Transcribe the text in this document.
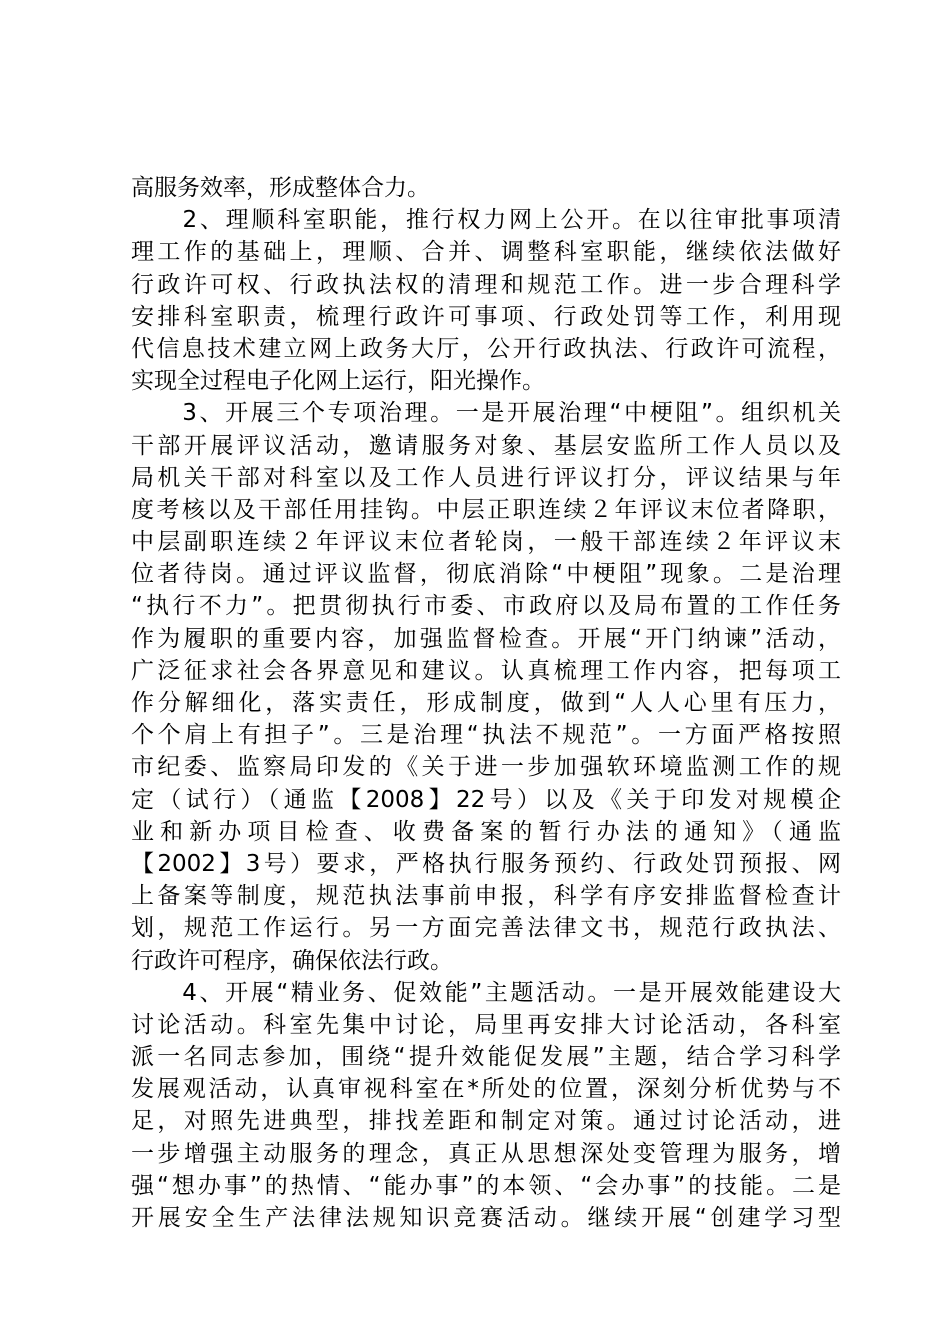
高服务效率，形成整体合力。
　　2、理顺科室职能，推行权力网上公开。在以往审批事项清
理工作的基础上，理顺、合并、调整科室职能，继续依法做好
行政许可权、行政执法权的清理和规范工作。进一步合理科学
安排科室职责，梳理行政许可事项、行政处罚等工作，利用现
代信息技术建立网上政务大厅，公开行政执法、行政许可流程，
实现全过程电子化网上运行，阳光操作。
　　3、开展三个专项治理。一是开展治理“中梗阻”。组织机关
干部开展评议活动，邀请服务对象、基层安监所工作人员以及
局机关干部对科室以及工作人员进行评议打分，评议结果与年
度考核以及干部任用挂钩。中层正职连续２年评议末位者降职，
中层副职连续２年评议末位者轮岗，一般干部连续２年评议末
位者待岗。通过评议监督，彻底消除“中梗阻”现象。二是治理
“执行不力”。把贯彻执行市委、市政府以及局布置的工作任务
作为履职的重要内容，加强监督检查。开展“开门纳谏”活动，
广泛征求社会各界意见和建议。认真梳理工作内容，把每项工
作分解细化，落实责任，形成制度，做到“人人心里有压力，
个个肩上有担子”。三是治理“执法不规范”。一方面严格按照
市纪委、监察局印发的《关于进一步加强软环境监测工作的规
定（试行）（通监【2008】22号）以及《关于印发对规模企
业和新办项目检查、收费备案的暂行办法的通知》（通监
【2002】3号）要求，严格执行服务预约、行政处罚预报、网
上备案等制度，规范执法事前申报，科学有序安排监督检查计
划，规范工作运行。另一方面完善法律文书，规范行政执法、
行政许可程序，确保依法行政。
　　4、开展“精业务、促效能”主题活动。一是开展效能建设大
讨论活动。科室先集中讨论，局里再安排大讨论活动，各科室
派一名同志参加，围绕“提升效能促发展”主题，结合学习科学
发展观活动，认真审视科室在*所处的位置，深刻分析优势与不
足，对照先进典型，排找差距和制定对策。通过讨论活动，进
一步增强主动服务的理念，真正从思想深处变管理为服务，增
强“想办事”的热情、“能办事”的本领、“会办事”的技能。二是
开展安全生产法律法规知识竞赛活动。继续开展“创建学习型
